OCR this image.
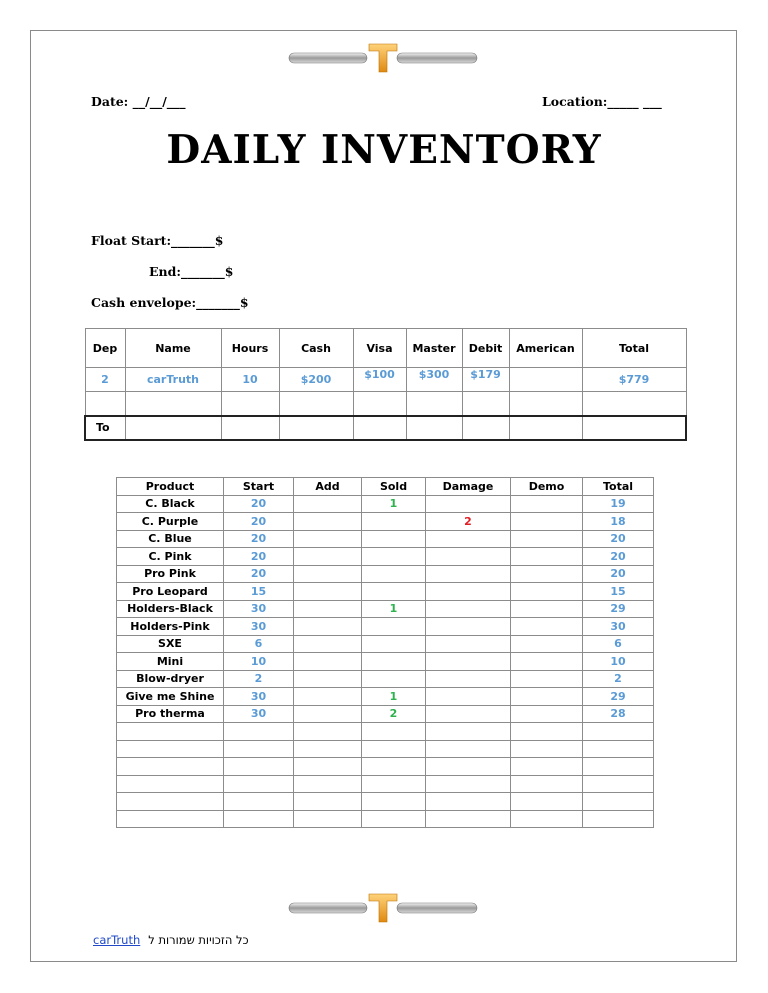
Date: __/__/___	Location:_____ ___
DAILY INVENTORY
Float Start:_______$
End:_______$
Cash envelope:_______$
Dep	Name	Hours	Cash	Visa	Master	Debit	American	Total
2	carTruth	10	$200	$100	$300	$179		$779

To								
Product	Start	Add	Sold	Damage	Demo	Total
C. Black	20		1			19
C. Purple	20			2		18
C. Blue	20					20
C. Pink	20					20
Pro Pink	20					20
Pro Leopard	15					15
Holders-Black	30		1			29
Holders-Pink	30					30
SXE	6					6
Mini	10					10
Blow-dryer	2					2
Give me Shine	30		1			29
Pro therma	30		2			28

carTruth כל הזכויות שמורות ל
